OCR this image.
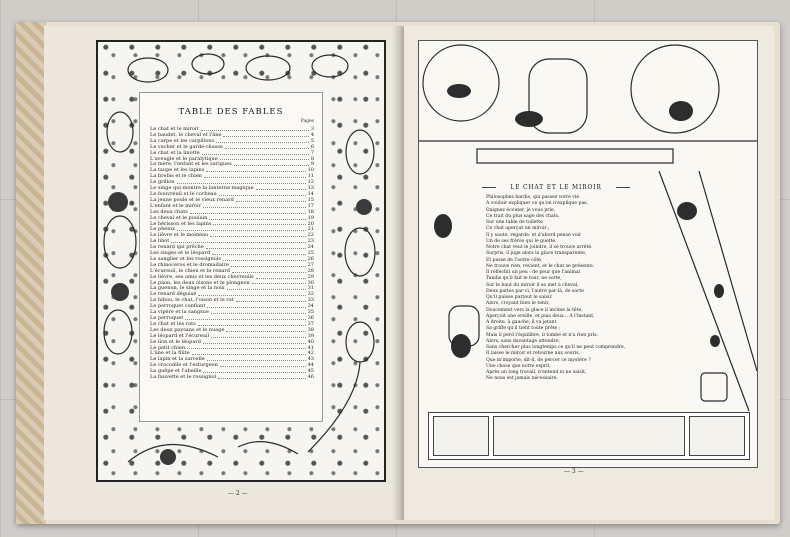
TABLE DES FABLES
Pages
Le chat et le miroir	3
Le baudet, le cheval et l'âne	4
La carpe et les carpillons	5
Le vacher et le garde-chasse	6
Le chat et la linotte	7
L'aveugle et le paralytique	8
Le mère, l'enfant et les sarigues	9
La taupe et les lapins	10
La brebis et le chien	11
Le grillon	12
Le singe qui montre la lanterne magique	13
Le bouvreuil et le corbeau	14
La jeune poule et le vieux renard	15
L'enfant et le miroir	17
Les deux chats	18
Le cheval et le poulain	19
Le hérisson et les lapins	20
Le phénix	21
Le lièvre et le moineau	22
Le linot	23
Le renard qui prêche	24
Les singes et le léopard	25
Le sanglier et les rossignols	26
Le rhinocéros et le dromadaire	27
L'écureuil, le chien et le renard	28
Le lièvre, ses amis et les deux chevreuils	29
Le paon, les deux oisons et le plongeon	30
La guenon, le singe et la noix	31
Le renard déguisé	32
Le hibou, le chat, l'oison et le rat	33
Le perroquet confiant	34
La vipère et la sangsue	35
Le perroquet	36
Le chat et les rats	37
Les deux paysans et le nuage	38
Le léopard et l'écureuil	39
Le lion et le léopard	40
Le petit chien	41
L'âne et la flûte	42
Le lapin et la sarcelle	43
Le crocodile et l'esturgeon	44
La guêpe et l'abeille	45
La fauvette et le rossignol	46
— 2 —
LE CHAT ET LE MIROIR
Philosophes hardis, qui passez votre vie
A vouloir expliquer ce qu'on n'explique pas,
Daignez écouter, je vous prie,
Ce trait du plus sage des chats.
Sur une table de toilette
Ce chat aperçut un miroir ;
Il y saute, regarde, et d'abord pense voir
Un de ses frères qui le guette.
Notre chat veut le joindre, il se trouve arrêté.
Surpris, il juge alors la glace transparente,
Et passe de l'autre côté,
Ne trouve rien, revient, et le chat se présente.
Il réfléchit un peu : de peur que l'animal
Tandis qu'il fait le tour, ne sorte,
Sur le haut du miroir il se met à cheval,
Deux pattes par-ci, l'autre par-là, de sorte
Qu'il puisse partout le saisir.
Alors, croyant bien le tenir,
Doucement vers la glace il incline la tête,
Aperçoit une oreille, et puis deux... A l'instant,
A droite, à gauche, il va jetant
Sa griffe qu'il tient toute prête ;
Mais il perd l'équilibre, il tombe et n'a rien pris.
Alors, sans davantage attendre,
Sans chercher plus longtemps ce qu'il ne peut comprendre,
Il laisse le miroir et retourne aux souris.
Que m'importe, dit-il, de percer ce mystère ?
Une chose que notre esprit,
Après un long travail, n'entend ni ne saisit,
Ne nous est jamais nécessaire.
— 3 —
